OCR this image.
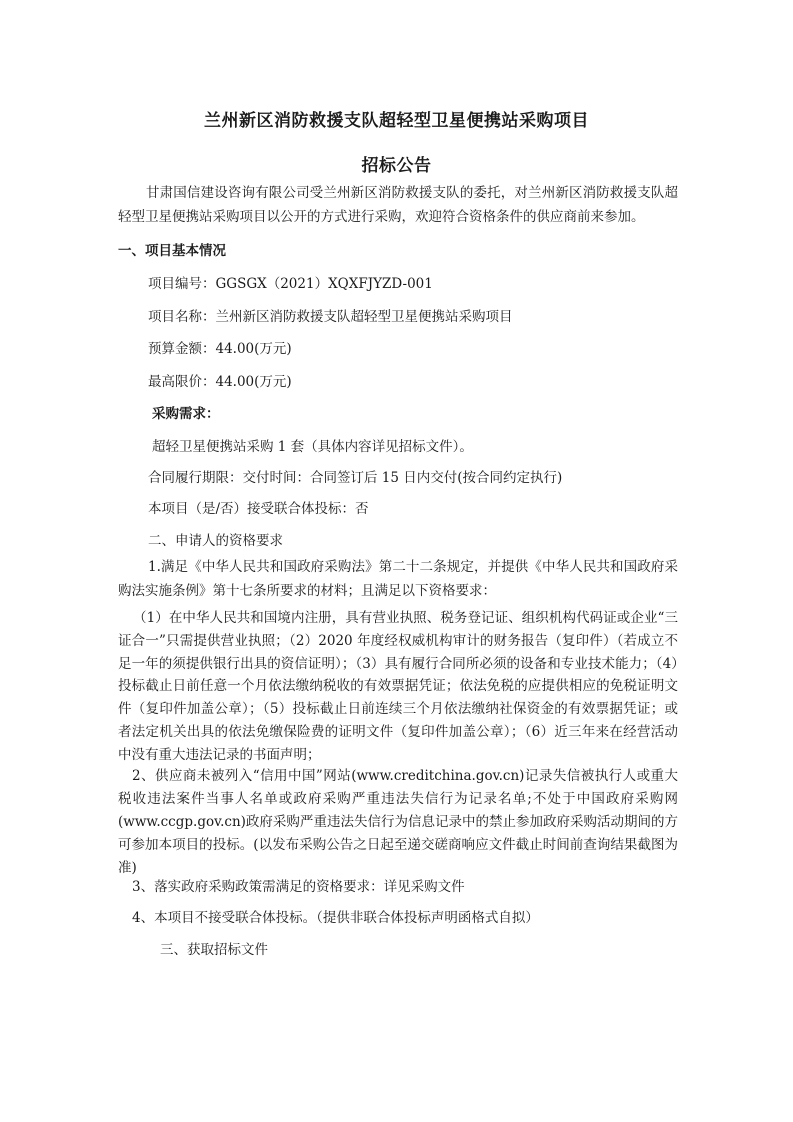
兰州新区消防救援支队超轻型卫星便携站采购项目
招标公告
甘肃国信建设咨询有限公司受兰州新区消防救援支队的委托，对兰州新区消防救援支队超轻型卫星便携站采购项目以公开的方式进行采购，欢迎符合资格条件的供应商前来参加。
一、项目基本情况
项目编号：GGSGX（2021）XQXFJYZD-001
项目名称：兰州新区消防救援支队超轻型卫星便携站采购项目
预算金额：44.00(万元)
最高限价：44.00(万元)
采购需求：
超轻卫星便携站采购 1 套（具体内容详见招标文件）。
合同履行期限：交付时间：合同签订后 15 日内交付(按合同约定执行)
本项目（是/否）接受联合体投标：否
二、申请人的资格要求
1.满足《中华人民共和国政府采购法》第二十二条规定，并提供《中华人民共和国政府采购法实施条例》第十七条所要求的材料；且满足以下资格要求：
（1）在中华人民共和国境内注册，具有营业执照、税务登记证、组织机构代码证或企业“三证合一”只需提供营业执照；（2）2020 年度经权威机构审计的财务报告（复印件）（若成立不足一年的须提供银行出具的资信证明）；（3）具有履行合同所必须的设备和专业技术能力；（4）投标截止日前任意一个月依法缴纳税收的有效票据凭证；依法免税的应提供相应的免税证明文件（复印件加盖公章）；（5）投标截止日前连续三个月依法缴纳社保资金的有效票据凭证；或者法定机关出具的依法免缴保险费的证明文件（复印件加盖公章）；（6）近三年来在经营活动中没有重大违法记录的书面声明；
2、供应商未被列入“信用中国”网站(www.creditchina.gov.cn)记录失信被执行人或重大税收违法案件当事人名单或政府采购严重违法失信行为记录名单;不处于中国政府采购网(www.ccgp.gov.cn)政府采购严重违法失信行为信息记录中的禁止参加政府采购活动期间的方可参加本项目的投标。(以发布采购公告之日起至递交磋商响应文件截止时间前查询结果截图为准)
3、落实政府采购政策需满足的资格要求：详见采购文件
4、本项目不接受联合体投标。（提供非联合体投标声明函格式自拟）
三、获取招标文件
